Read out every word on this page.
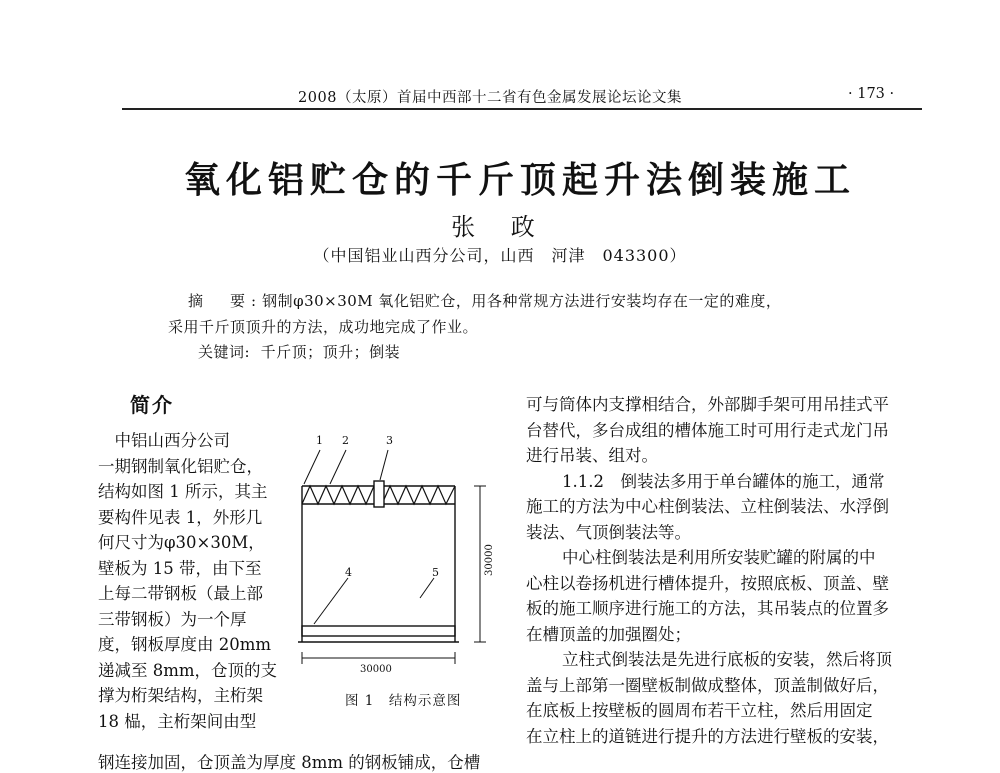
2008（太原）首届中西部十二省有色金属发展论坛论文集	· 173 ·
氧化铝贮仓的千斤顶起升法倒装施工
张 政
（中国铝业山西分公司，山西　河津　043300）
摘　要:钢制φ30×30M 氧化铝贮仓，用各种常规方法进行安装均存在一定的难度，
采用千斤顶顶升的方法，成功地完成了作业。
关键词: 千斤顶；顶升；倒装
简介
　中铝山西分公司
一期钢制氧化铝贮仓，
结构如图 1 所示，其主
要构件见表 1，外形几
何尺寸为φ30×30M，
壁板为 15 带，由下至
上每二带钢板（最上部
三带钢板）为一个厚
度，钢板厚度由 20mm
递减至 8mm，仓顶的支
撑为桁架结构，主桁架
18 榀，主桁架间由型
钢连接加固，仓顶盖为厚度 8mm 的钢板铺成，仓槽
1 2	3
4	5	30000
30000
图 1　结构示意图
可与筒体内支撑相结合，外部脚手架可用吊挂式平
台替代，多台成组的槽体施工时可用行走式龙门吊
进行吊装、组对。
1.1.2　倒装法多用于单台罐体的施工，通常
施工的方法为中心柱倒装法、立柱倒装法、水浮倒
装法、气顶倒装法等。
中心柱倒装法是利用所安装贮罐的附属的中
心柱以卷扬机进行槽体提升，按照底板、顶盖、壁
板的施工顺序进行施工的方法，其吊装点的位置多
在槽顶盖的加强圈处；
立柱式倒装法是先进行底板的安装，然后将顶
盖与上部第一圈壁板制做成整体，顶盖制做好后，
在底板上按壁板的圆周布若干立柱，然后用固定
在立柱上的道链进行提升的方法进行壁板的安装，
